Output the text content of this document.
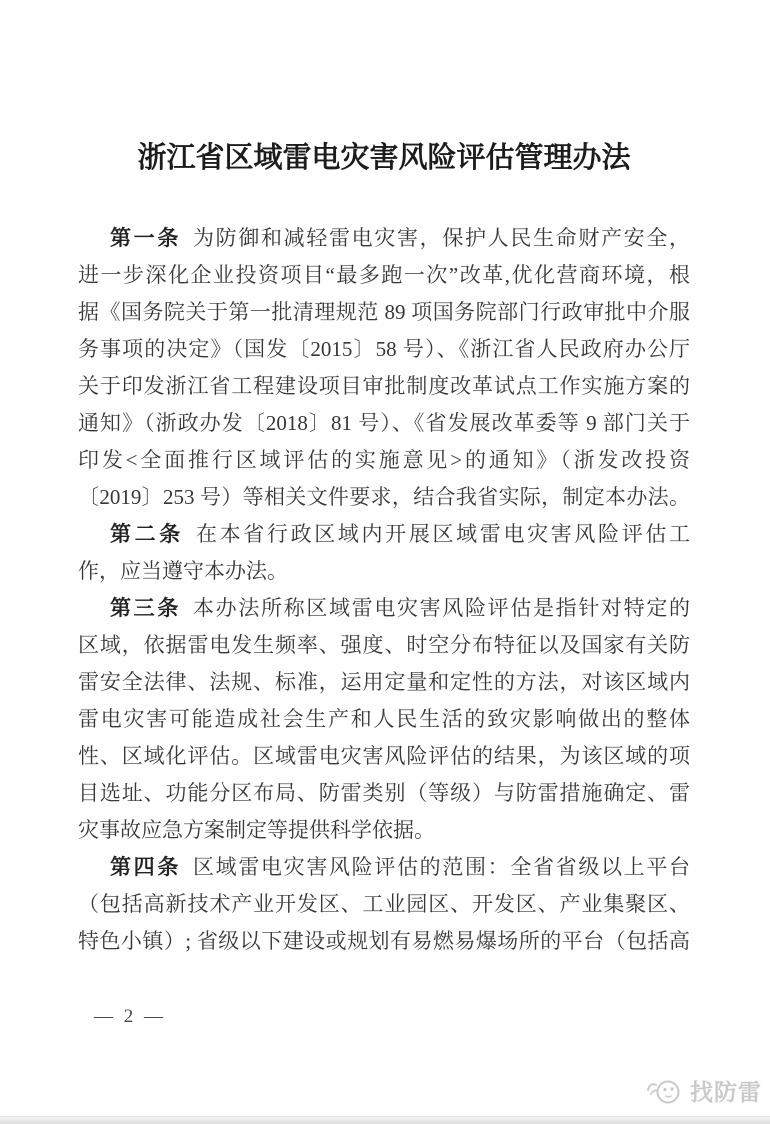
浙江省区域雷电灾害风险评估管理办法
第一条 为防御和减轻雷电灾害，保护人民生命财产安全，
进一步深化企业投资项目“最多跑一次”改革,优化营商环境，根
据《国务院关于第一批清理规范 89 项国务院部门行政审批中介服
务事项的决定》（国发〔2015〕58 号）、《浙江省人民政府办公厅
关于印发浙江省工程建设项目审批制度改革试点工作实施方案的
通知》（浙政办发〔2018〕81 号）、《省发展改革委等 9 部门关于
印发<全面推行区域评估的实施意见>的通知》（浙发改投资
〔2019〕253 号）等相关文件要求，结合我省实际，制定本办法。
第二条 在本省行政区域内开展区域雷电灾害风险评估工
作，应当遵守本办法。
第三条 本办法所称区域雷电灾害风险评估是指针对特定的
区域，依据雷电发生频率、强度、时空分布特征以及国家有关防
雷安全法律、法规、标准，运用定量和定性的方法，对该区域内
雷电灾害可能造成社会生产和人民生活的致灾影响做出的整体
性、区域化评估。区域雷电灾害风险评估的结果，为该区域的项
目选址、功能分区布局、防雷类别（等级）与防雷措施确定、雷
灾事故应急方案制定等提供科学依据。
第四条 区域雷电灾害风险评估的范围：全省省级以上平台
（包括高新技术产业开发区、工业园区、开发区、产业集聚区、
特色小镇）; 省级以下建设或规划有易燃易爆场所的平台（包括高
— 2 —
找防雷
